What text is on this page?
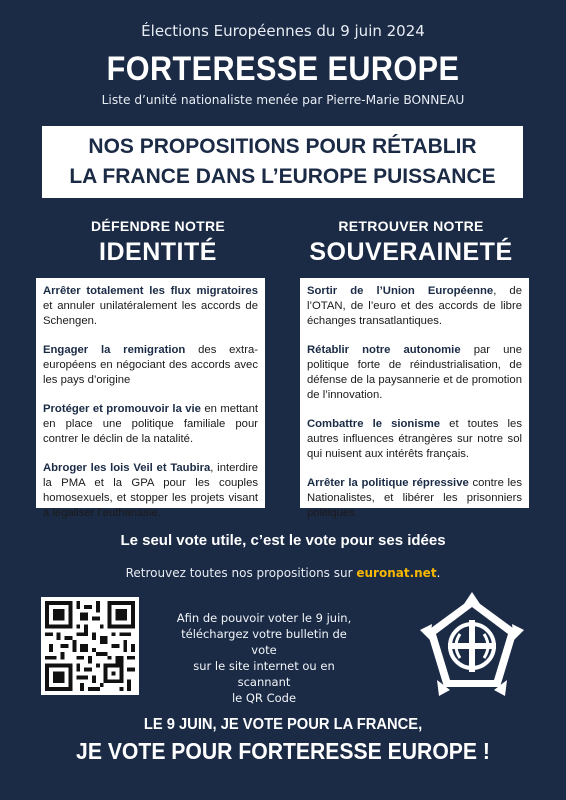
Élections Européennes du 9 juin 2024
FORTERESSE EUROPE
Liste d’unité nationaliste menée par Pierre-Marie BONNEAU
NOS PROPOSITIONS POUR RÉTABLIR
LA FRANCE DANS L’EUROPE PUISSANCE
DÉFENDRE NOTRE
IDENTITÉ
RETROUVER NOTRE
SOUVERAINETÉ

Arrêter totalement les flux migratoires et annuler unilatéralement les accords de Schengen.

Engager la remigration des extra-européens en négociant des accords avec les pays d’origine

Protéger et promouvoir la vie en mettant en place une politique familiale pour contrer le déclin de la natalité.

Abroger les lois Veil et Taubira, interdire la PMA et la GPA pour les couples homosexuels, et stopper les projets visant à légaliser l’euthanasie.

Sortir de l’Union Européenne, de l’OTAN, de l’euro et des accords de libre échanges transatlantiques.

Rétablir notre autonomie par une politique forte de réindustrialisation, de défense de la paysannerie et de promotion de l’innovation.

Combattre le sionisme et toutes les autres influences étrangères sur notre sol qui nuisent aux intérêts français.

Arrêter la politique répressive contre les Nationalistes, et libérer les prisonniers politiques.

Le seul vote utile, c’est le vote pour ses idées
Retrouvez toutes nos propositions sur euronat.net.
Afin de pouvoir voter le 9 juin,
téléchargez votre bulletin de vote
sur le site internet ou en scannant
le QR Code
LE 9 JUIN, JE VOTE POUR LA FRANCE,
JE VOTE POUR FORTERESSE EUROPE !
